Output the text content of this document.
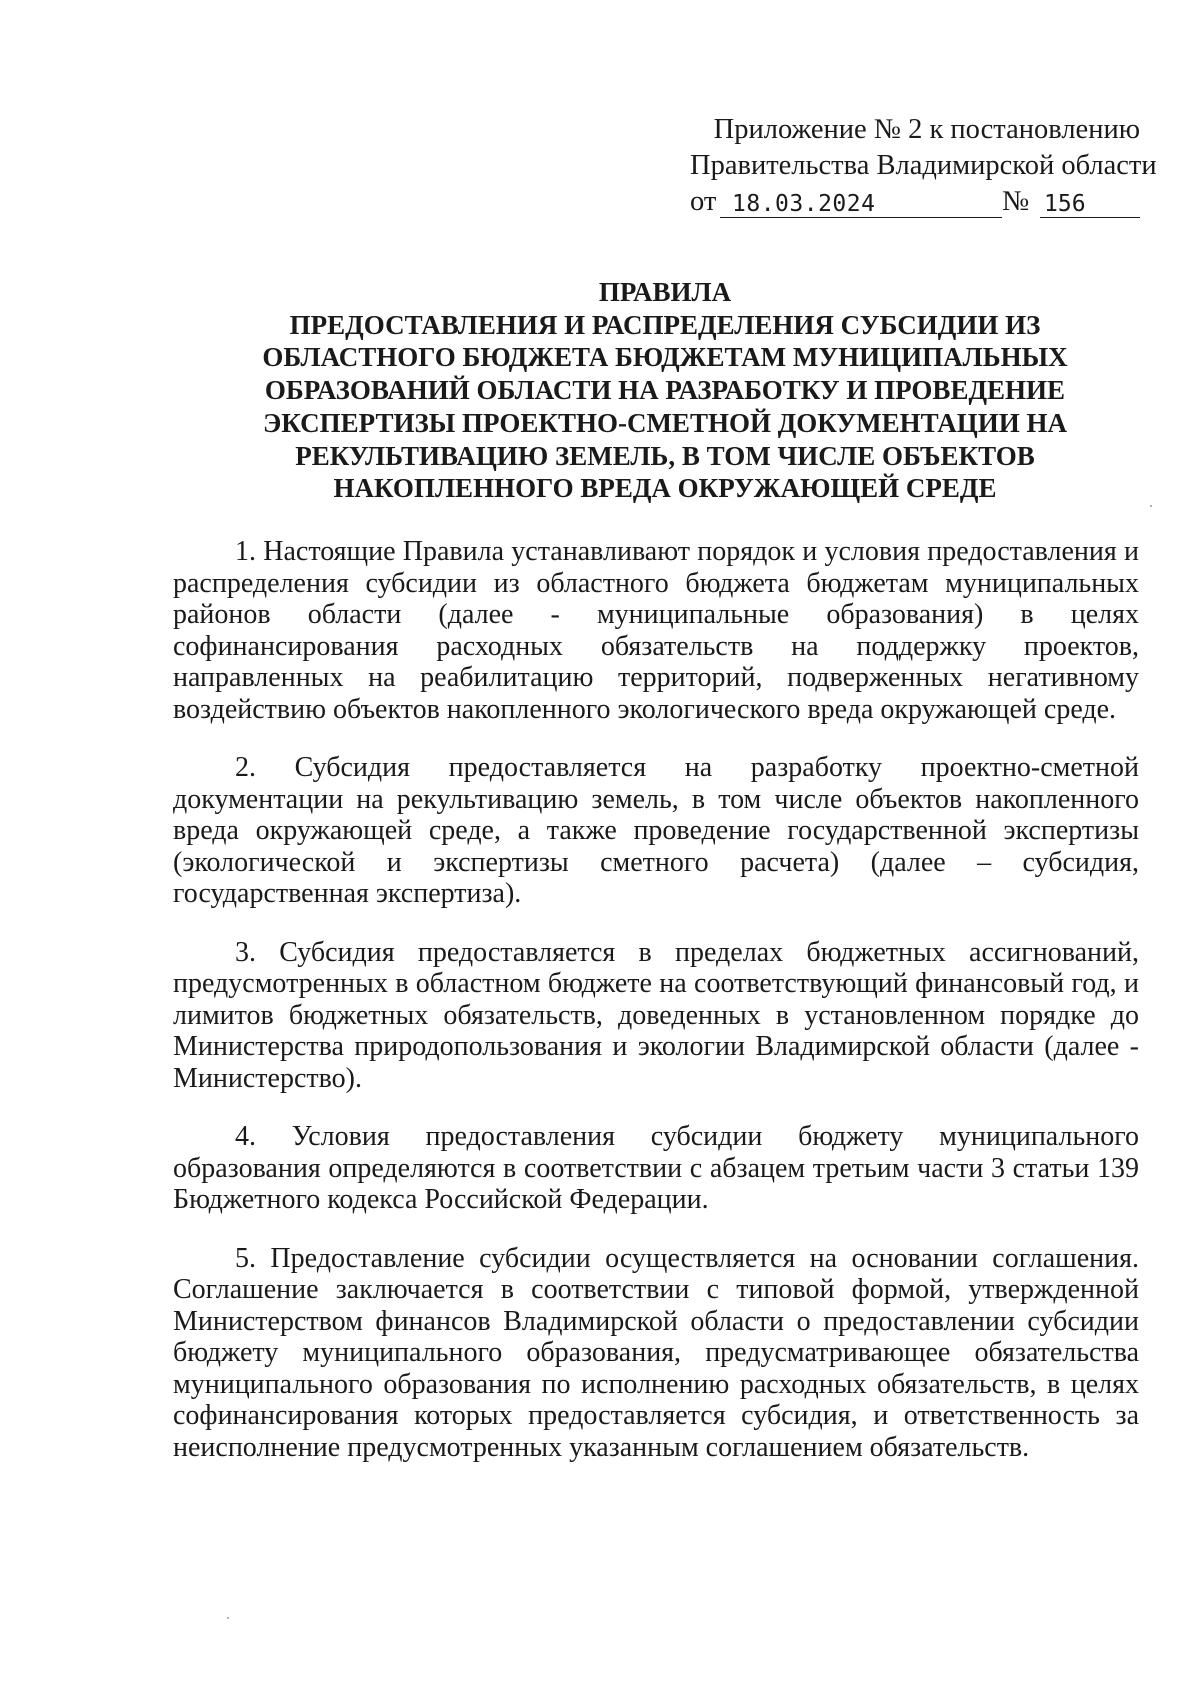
Приложение № 2 к постановлению
Правительства Владимирской области
от 18.03.2024	№ 156
ПРАВИЛА
ПРЕДОСТАВЛЕНИЯ И РАСПРЕДЕЛЕНИЯ СУБСИДИИ ИЗ
ОБЛАСТНОГО БЮДЖЕТА БЮДЖЕТАМ МУНИЦИПАЛЬНЫХ
ОБРАЗОВАНИЙ ОБЛАСТИ НА РАЗРАБОТКУ И ПРОВЕДЕНИЕ
ЭКСПЕРТИЗЫ ПРОЕКТНО-СМЕТНОЙ ДОКУМЕНТАЦИИ НА
РЕКУЛЬТИВАЦИЮ ЗЕМЕЛЬ, В ТОМ ЧИСЛЕ ОБЪЕКТОВ
НАКОПЛЕННОГО ВРЕДА ОКРУЖАЮЩЕЙ СРЕДЕ

1. Настоящие Правила устанавливают порядок и условия предоставления и распределения субсидии из областного бюджета бюджетам муниципальных районов области (далее - муниципальные образования) в целях софинансирования расходных обязательств на поддержку проектов, направленных на реабилитацию территорий, подверженных негативному воздействию объектов накопленного экологического вреда окружающей среде.

2. Субсидия предоставляется на разработку проектно-сметной документации на рекультивацию земель, в том числе объектов накопленного вреда окружающей среде, а также проведение государственной экспертизы (экологической и экспертизы сметного расчета) (далее – субсидия, государственная экспертиза).

3. Субсидия предоставляется в пределах бюджетных ассигнований, предусмотренных в областном бюджете на соответствующий финансовый год, и лимитов бюджетных обязательств, доведенных в установленном порядке до Министерства природопользования и экологии Владимирской области (далее - Министерство).

4. Условия предоставления субсидии бюджету муниципального образования определяются в соответствии с абзацем третьим части 3 статьи 139 Бюджетного кодекса Российской Федерации.

5. Предоставление субсидии осуществляется на основании соглашения. Соглашение заключается в соответствии с типовой формой, утвержденной Министерством финансов Владимирской области о предоставлении субсидии бюджету муниципального образования, предусматривающее обязательства муниципального образования по исполнению расходных обязательств, в целях софинансирования которых предоставляется субсидия, и ответственность за неисполнение предусмотренных указанным соглашением обязательств.
